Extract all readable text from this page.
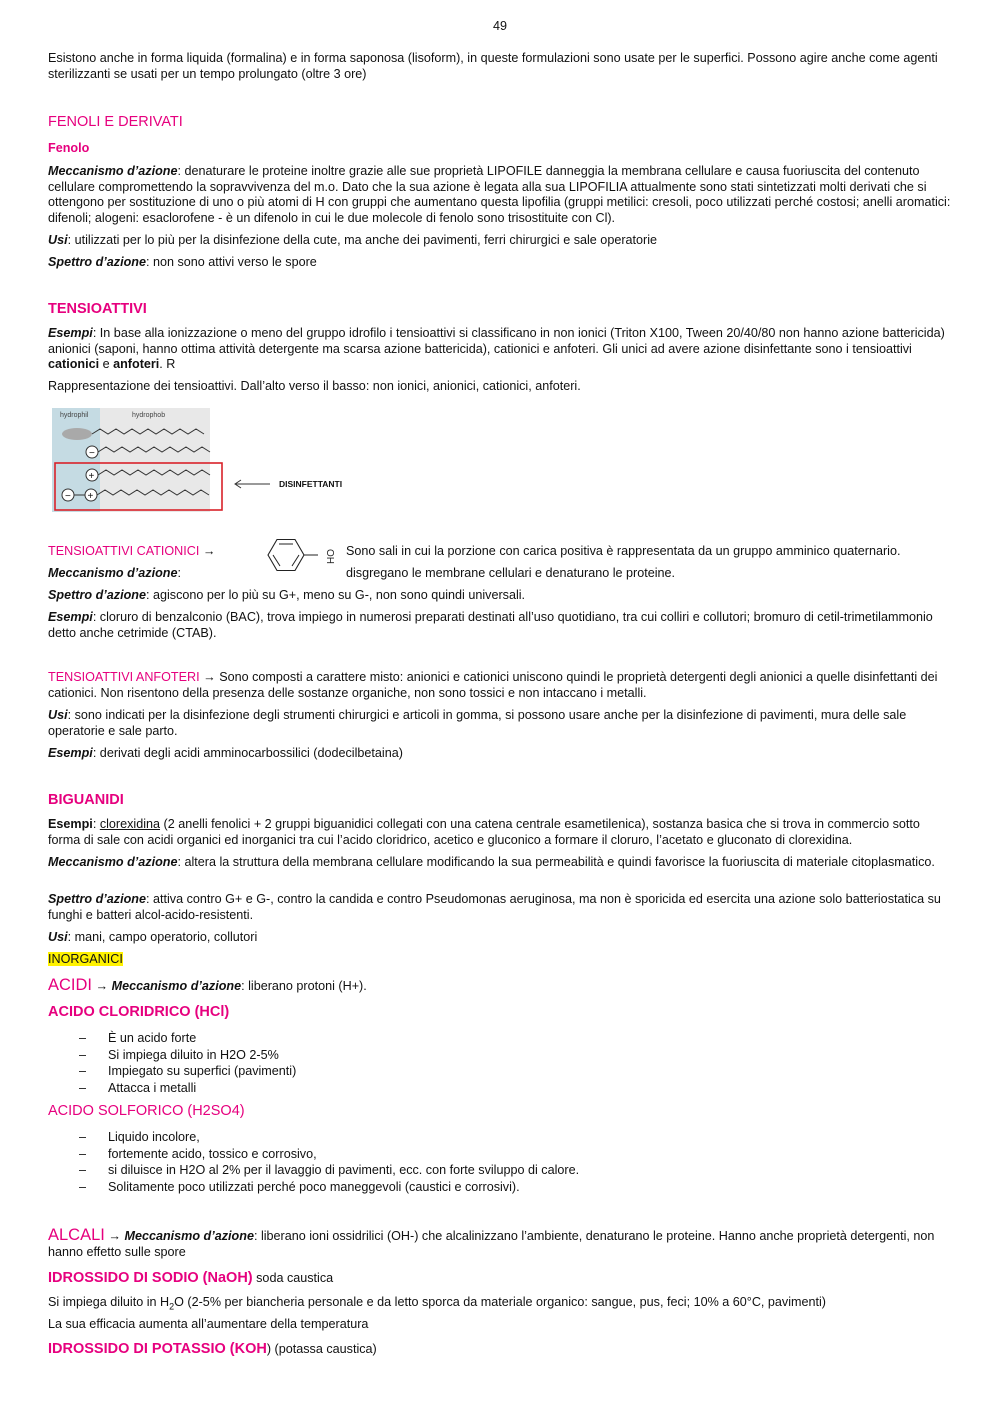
49

Esistono anche in forma liquida (formalina) e in forma saponosa (lisoform), in queste formulazioni sono usate per le superfici. Possono agire anche come agenti sterilizzanti se usati per un tempo prolungato (oltre 3 ore)

FENOLI E DERIVATI
Fenolo

Meccanismo d’azione: denaturare le proteine inoltre grazie alle sue proprietà LIPOFILE danneggia la membrana cellulare e causa fuoriuscita del contenuto cellulare compromettendo la sopravvivenza del m.o. Dato che la sua azione è legata alla sua LIPOFILIA attualmente sono stati sintetizzati molti derivati che si ottengono per sostituzione di uno o più atomi di H con gruppi che aumentano questa lipofilia (gruppi metilici: cresoli, poco utilizzati perché costosi; anelli aromatici: difenoli; alogeni: esaclorofene - è un difenolo in cui le due molecole di fenolo sono trisostituite con Cl).

Usi: utilizzati per lo più per la disinfezione della cute, ma anche dei pavimenti, ferri chirurgici e sale operatorie

Spettro d’azione: non sono attivi verso le spore

TENSIOATTIVI

Esempi: In base alla ionizzazione o meno del gruppo idrofilo i tensioattivi si classificano in non ionici (Triton X100, Tween 20/40/80 non hanno azione battericida) anionici (saponi, hanno ottima attività detergente ma scarsa azione battericida), cationici e anfoteri. Gli unici ad avere azione disinfettante sono i tensioattivi cationici e anfoteri. R

Rappresentazione dei tensioattivi. Dall’alto verso il basso: non ionici, anionici, cationici, anfoteri.

hydrophil	hydrophob
−
+
− +
DISINFETTANTI
TENSIOATTIVI CATIONICI →	OH Sono sali in cui la porzione con carica positiva è rappresentata da un gruppo amminico quaternario.
Meccanismo d’azione:	disgregano le membrane cellulari e denaturano le proteine.

Spettro d’azione: agiscono per lo più su G+, meno su G-, non sono quindi universali.

Esempi: cloruro di benzalconio (BAC), trova impiego in numerosi preparati destinati all’uso quotidiano, tra cui colliri e collutori; bromuro di cetil-trimetilammonio detto anche cetrimide (CTAB).

TENSIOATTIVI ANFOTERI → Sono composti a carattere misto: anionici e cationici uniscono quindi le proprietà detergenti degli anionici a quelle disinfettanti dei cationici. Non risentono della presenza delle sostanze organiche, non sono tossici e non intaccano i metalli.

Usi: sono indicati per la disinfezione degli strumenti chirurgici e articoli in gomma, si possono usare anche per la disinfezione di pavimenti, mura delle sale operatorie e sale parto.

Esempi: derivati degli acidi amminocarbossilici (dodecilbetaina)

BIGUANIDI

Esempi: clorexidina (2 anelli fenolici + 2 gruppi biguanidici collegati con una catena centrale esametilenica), sostanza basica che si trova in commercio sotto forma di sale con acidi organici ed inorganici tra cui l’acido cloridrico, acetico e gluconico a formare il cloruro, l’acetato e gluconato di clorexidina.

Meccanismo d’azione: altera la struttura della membrana cellulare modificando la sua permeabilità e quindi favorisce la fuoriuscita di materiale citoplasmatico.

Spettro d’azione: attiva contro G+ e G-, contro la candida e contro Pseudomonas aeruginosa, ma non è sporicida ed esercita una azione solo batteriostatica su funghi e batteri alcol-acido-resistenti.

Usi: mani, campo operatorio, collutori

INORGANICI
ACIDI → Meccanismo d’azione: liberano protoni (H+).
ACIDO CLORIDRICO (HCl)
– È un acido forte
– Si impiega diluito in H2O 2-5%
– Impiegato su superfici (pavimenti)
– Attacca i metalli
ACIDO SOLFORICO (H2SO4)
– Liquido incolore,
– fortemente acido, tossico e corrosivo,
– si diluisce in H2O al 2% per il lavaggio di pavimenti, ecc. con forte sviluppo di calore.
– Solitamente poco utilizzati perché poco maneggevoli (caustici e corrosivi).

ALCALI → Meccanismo d’azione: liberano ioni ossidrilici (OH-) che alcalinizzano l’ambiente, denaturano le proteine. Hanno anche proprietà detergenti, non hanno effetto sulle spore

IDROSSIDO DI SODIO (NaOH) soda caustica

Si impiega diluito in $H_2O$ (2-5% per biancheria personale e da letto sporca da materiale organico: sangue, pus, feci; 10% a 60°C, pavimenti)

La sua efficacia aumenta all’aumentare della temperatura

IDROSSIDO DI POTASSIO (KOH) (potassa caustica)
